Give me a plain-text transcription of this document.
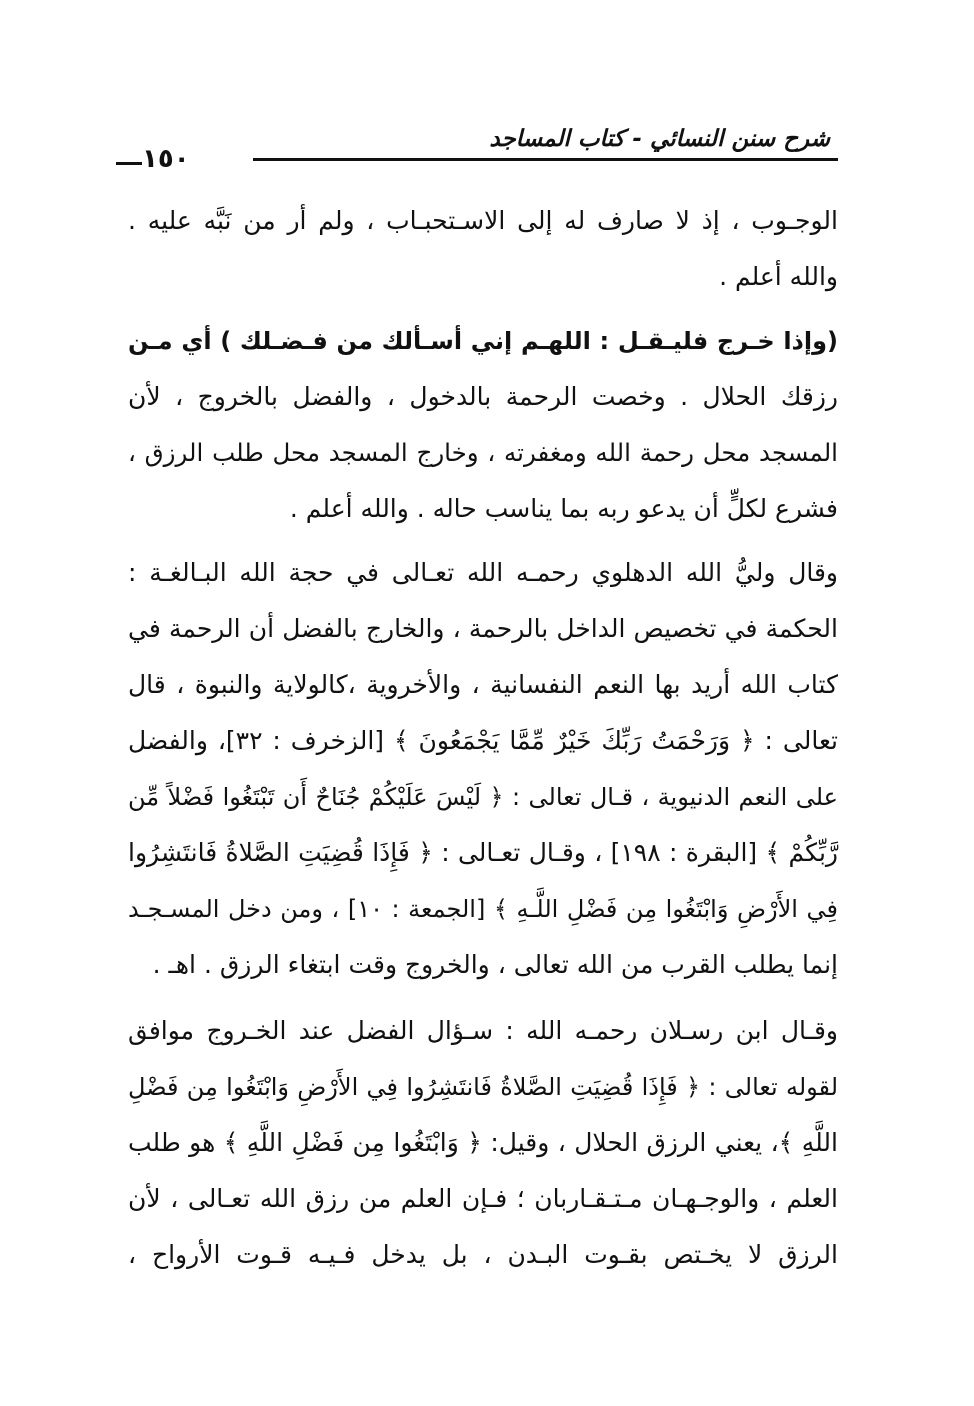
شرح سنن النسائي - كتاب المساجد
١٥٠
الوجـوب ، إذ لا صارف له إلى الاسـتحبـاب ، ولم أر من نَبَّه عليه .
والله أعلم .
(وإذا خـرج فليـقـل : اللهـم إني أسـألك من فـضـلك ) أي مـن
رزقك الحلال . وخصت الرحمة بالدخول ، والفضل بالخروج ، لأن
المسجد محل رحمة الله ومغفرته ، وخارج المسجد محل طلب الرزق ،
فشرع لكلٍّ أن يدعو ربه بما يناسب حاله . والله أعلم .
وقال وليُّ الله الدهلوي رحمـه الله تعـالى في حجة الله البـالغـة :
الحكمة في تخصيص الداخل بالرحمة ، والخارج بالفضل أن الرحمة في
كتاب الله أريد بها النعم النفسانية ، والأخروية ،كالولاية والنبوة ، قال
تعالى : ﴿ وَرَحْمَتُ رَبِّكَ خَيْرٌ مِّمَّا يَجْمَعُونَ ﴾ [الزخرف : ٣٢]، والفضل
على النعم الدنيوية ، قـال تعالى : ﴿ لَيْسَ عَلَيْكُمْ جُنَاحٌ أَن تَبْتَغُوا فَضْلاً مِّن
رَّبِّكُمْ ﴾ [البقرة : ١٩٨] ، وقـال تعـالى : ﴿ فَإِذَا قُضِيَتِ الصَّلاةُ فَانتَشِرُوا
فِي الأَرْضِ وَابْتَغُوا مِن فَضْلِ اللَّـهِ ﴾ [الجمعة : ١٠] ، ومن دخل المسـجـد
إنما يطلب القرب من الله تعالى ، والخروج وقت ابتغاء الرزق . اهـ .
وقـال ابن رسـلان رحمـه الله : سـؤال الفضل عند الخـروج موافق
لقوله تعالى : ﴿ فَإِذَا قُضِيَتِ الصَّلاةُ فَانتَشِرُوا فِي الأَرْضِ وَابْتَغُوا مِن فَضْلِ
اللَّهِ ﴾، يعني الرزق الحلال ، وقيل: ﴿ وَابْتَغُوا مِن فَضْلِ اللَّهِ ﴾ هو طلب
العلم ، والوجـهـان مـتـقـاربان ؛ فـإن العلم من رزق الله تعـالى ، لأن
الرزق لا يخـتص بقـوت البـدن ، بل يدخل فـيـه قـوت الأرواح ،
